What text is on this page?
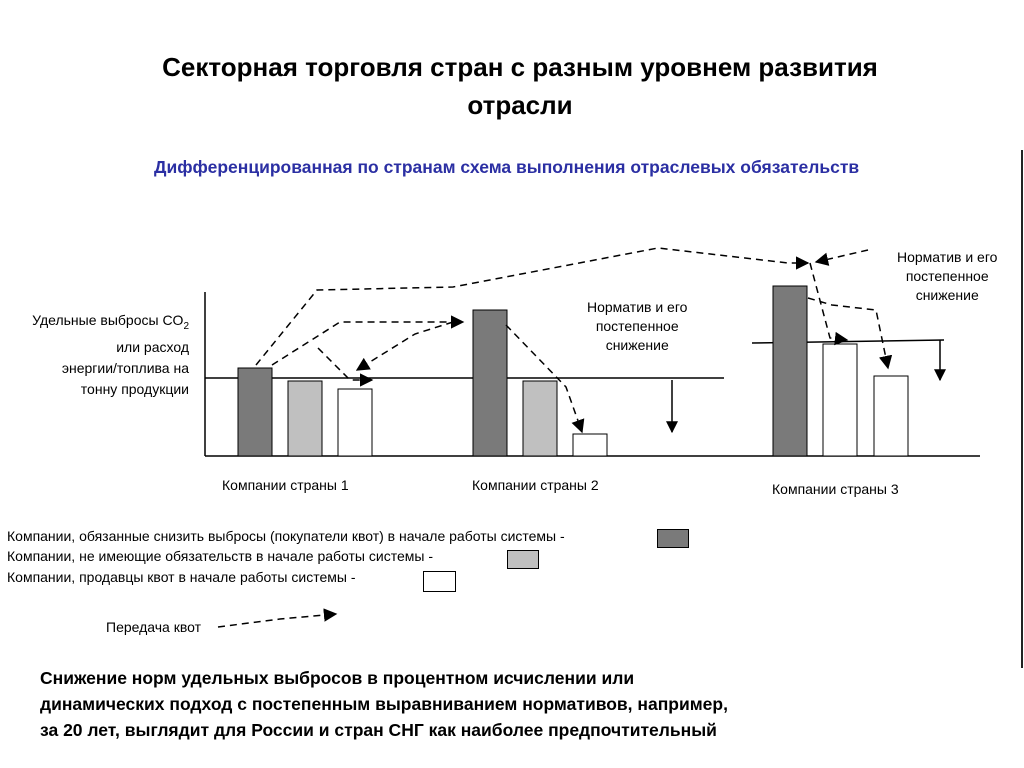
Секторная торговля стран с разным уровнем развития
отрасли
Дифференцированная по странам схема выполнения отраслевых обязательств
Удельные выбросы $CO_2$
или расход
энергии/топлива на
тонну продукции
Компании страны 1	Компании страны 2	Компании страны 3
Норматив и его
постепенное
снижение
Норматив и его
постепенное
снижение
Компании, обязанные снизить выбросы (покупатели квот) в начале работы системы -
Компании, не имеющие обязательств в начале работы системы -
Компании, продавцы квот в начале работы системы -
Передача квот
Снижение норм удельных выбросов в процентном исчислении или
динамических подход с постепенным выравниванием нормативов, например,
за 20 лет, выглядит для России и стран СНГ как наиболее предпочтительный
